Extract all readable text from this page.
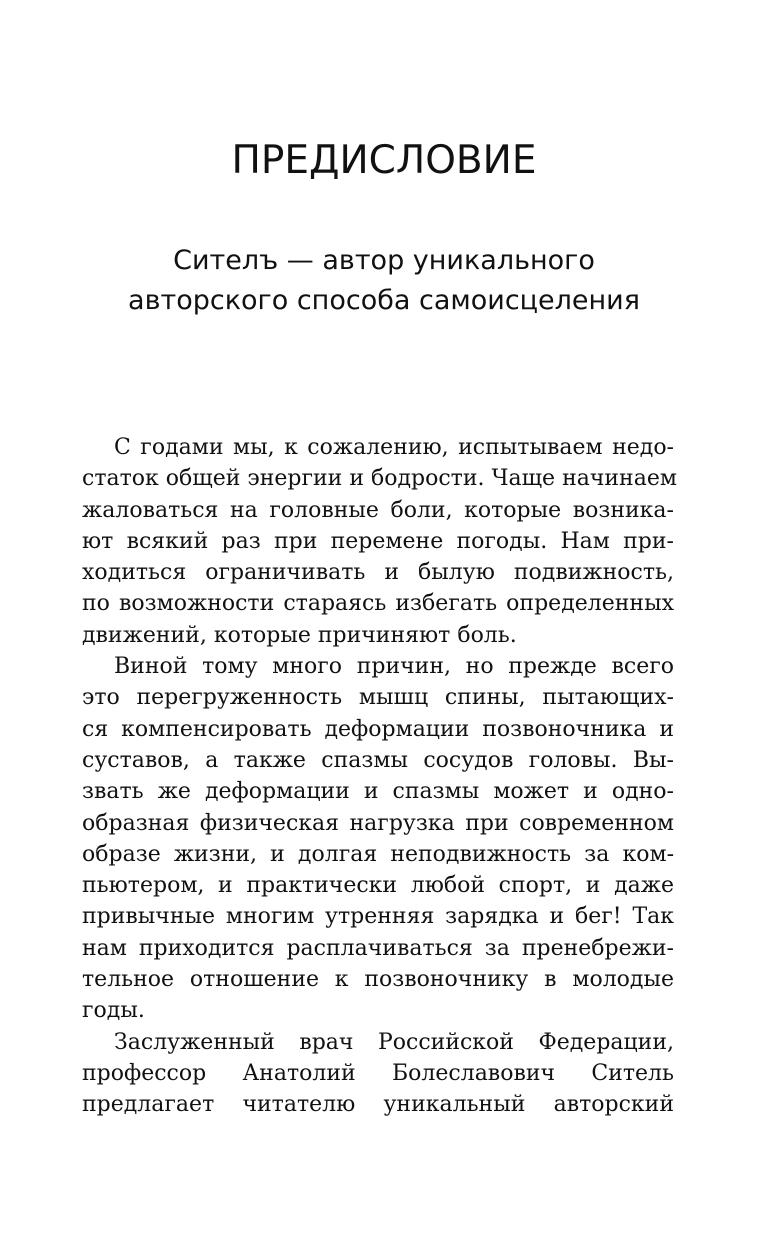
ПРЕДИСЛОВИЕ
Сителъ — автор уникального
авторского способа самоисцеления
С годами мы, к сожалению, испытываем недо-
статок общей энергии и бодрости. Чаще начинаем
жаловаться на головные боли, которые возника-
ют всякий раз при перемене погоды. Нам при-
ходиться ограничивать и былую подвижность,
по возможности стараясь избегать определенных
движений, которые причиняют боль.
Виной тому много причин, но прежде всего
это перегруженность мышц спины, пытающих-
ся компенсировать деформации позвоночника и
суставов, а также спазмы сосудов головы. Вы-
звать же деформации и спазмы может и одно-
образная физическая нагрузка при современном
образе жизни, и долгая неподвижность за ком-
пьютером, и практически любой спорт, и даже
привычные многим утренняя зарядка и бег! Так
нам приходится расплачиваться за пренебрежи-
тельное отношение к позвоночнику в молодые
годы.
Заслуженный врач Российской Федерации,
профессор Анатолий Болеславович Ситель
предлагает читателю уникальный авторский
